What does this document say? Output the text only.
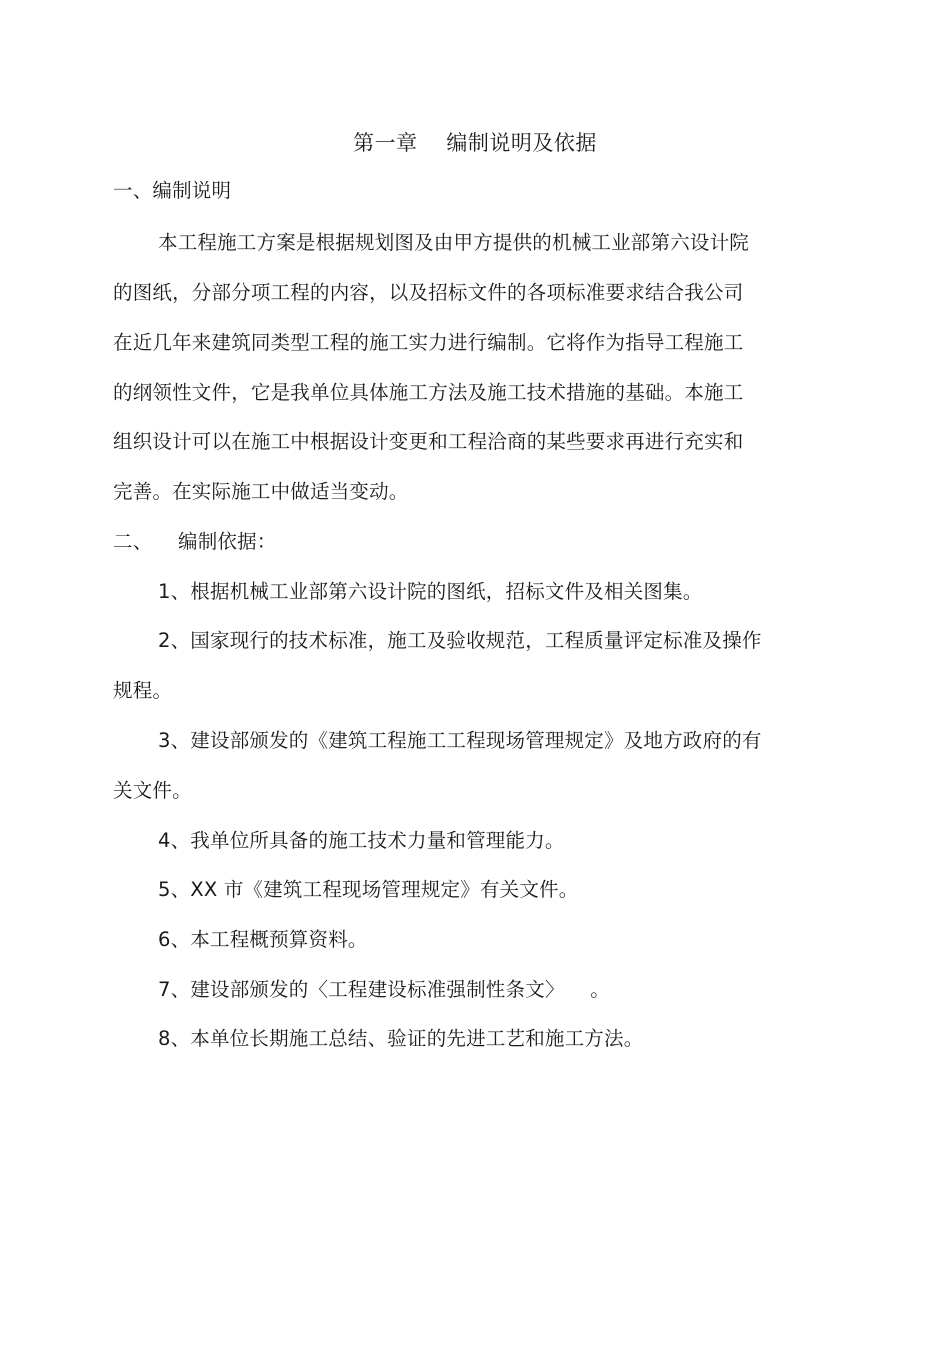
第一章    编制说明及依据
一、编制说明
本工程施工方案是根据规划图及由甲方提供的机械工业部第六设计院
的图纸，分部分项工程的内容，以及招标文件的各项标准要求结合我公司
在近几年来建筑同类型工程的施工实力进行编制。它将作为指导工程施工
的纲领性文件，它是我单位具体施工方法及施工技术措施的基础。本施工
组织设计可以在施工中根据设计变更和工程洽商的某些要求再进行充实和
完善。在实际施工中做适当变动。
二、    编制依据：
1、根据机械工业部第六设计院的图纸，招标文件及相关图集。
2、国家现行的技术标准，施工及验收规范，工程质量评定标准及操作
规程。
3、建设部颁发的《建筑工程施工工程现场管理规定》及地方政府的有
关文件。
4、我单位所具备的施工技术力量和管理能力。
5、XX 市《建筑工程现场管理规定》有关文件。
6、本工程概预算资料。
7、建设部颁发的〈工程建设标准强制性条文〉    。
8、本单位长期施工总结、验证的先进工艺和施工方法。
